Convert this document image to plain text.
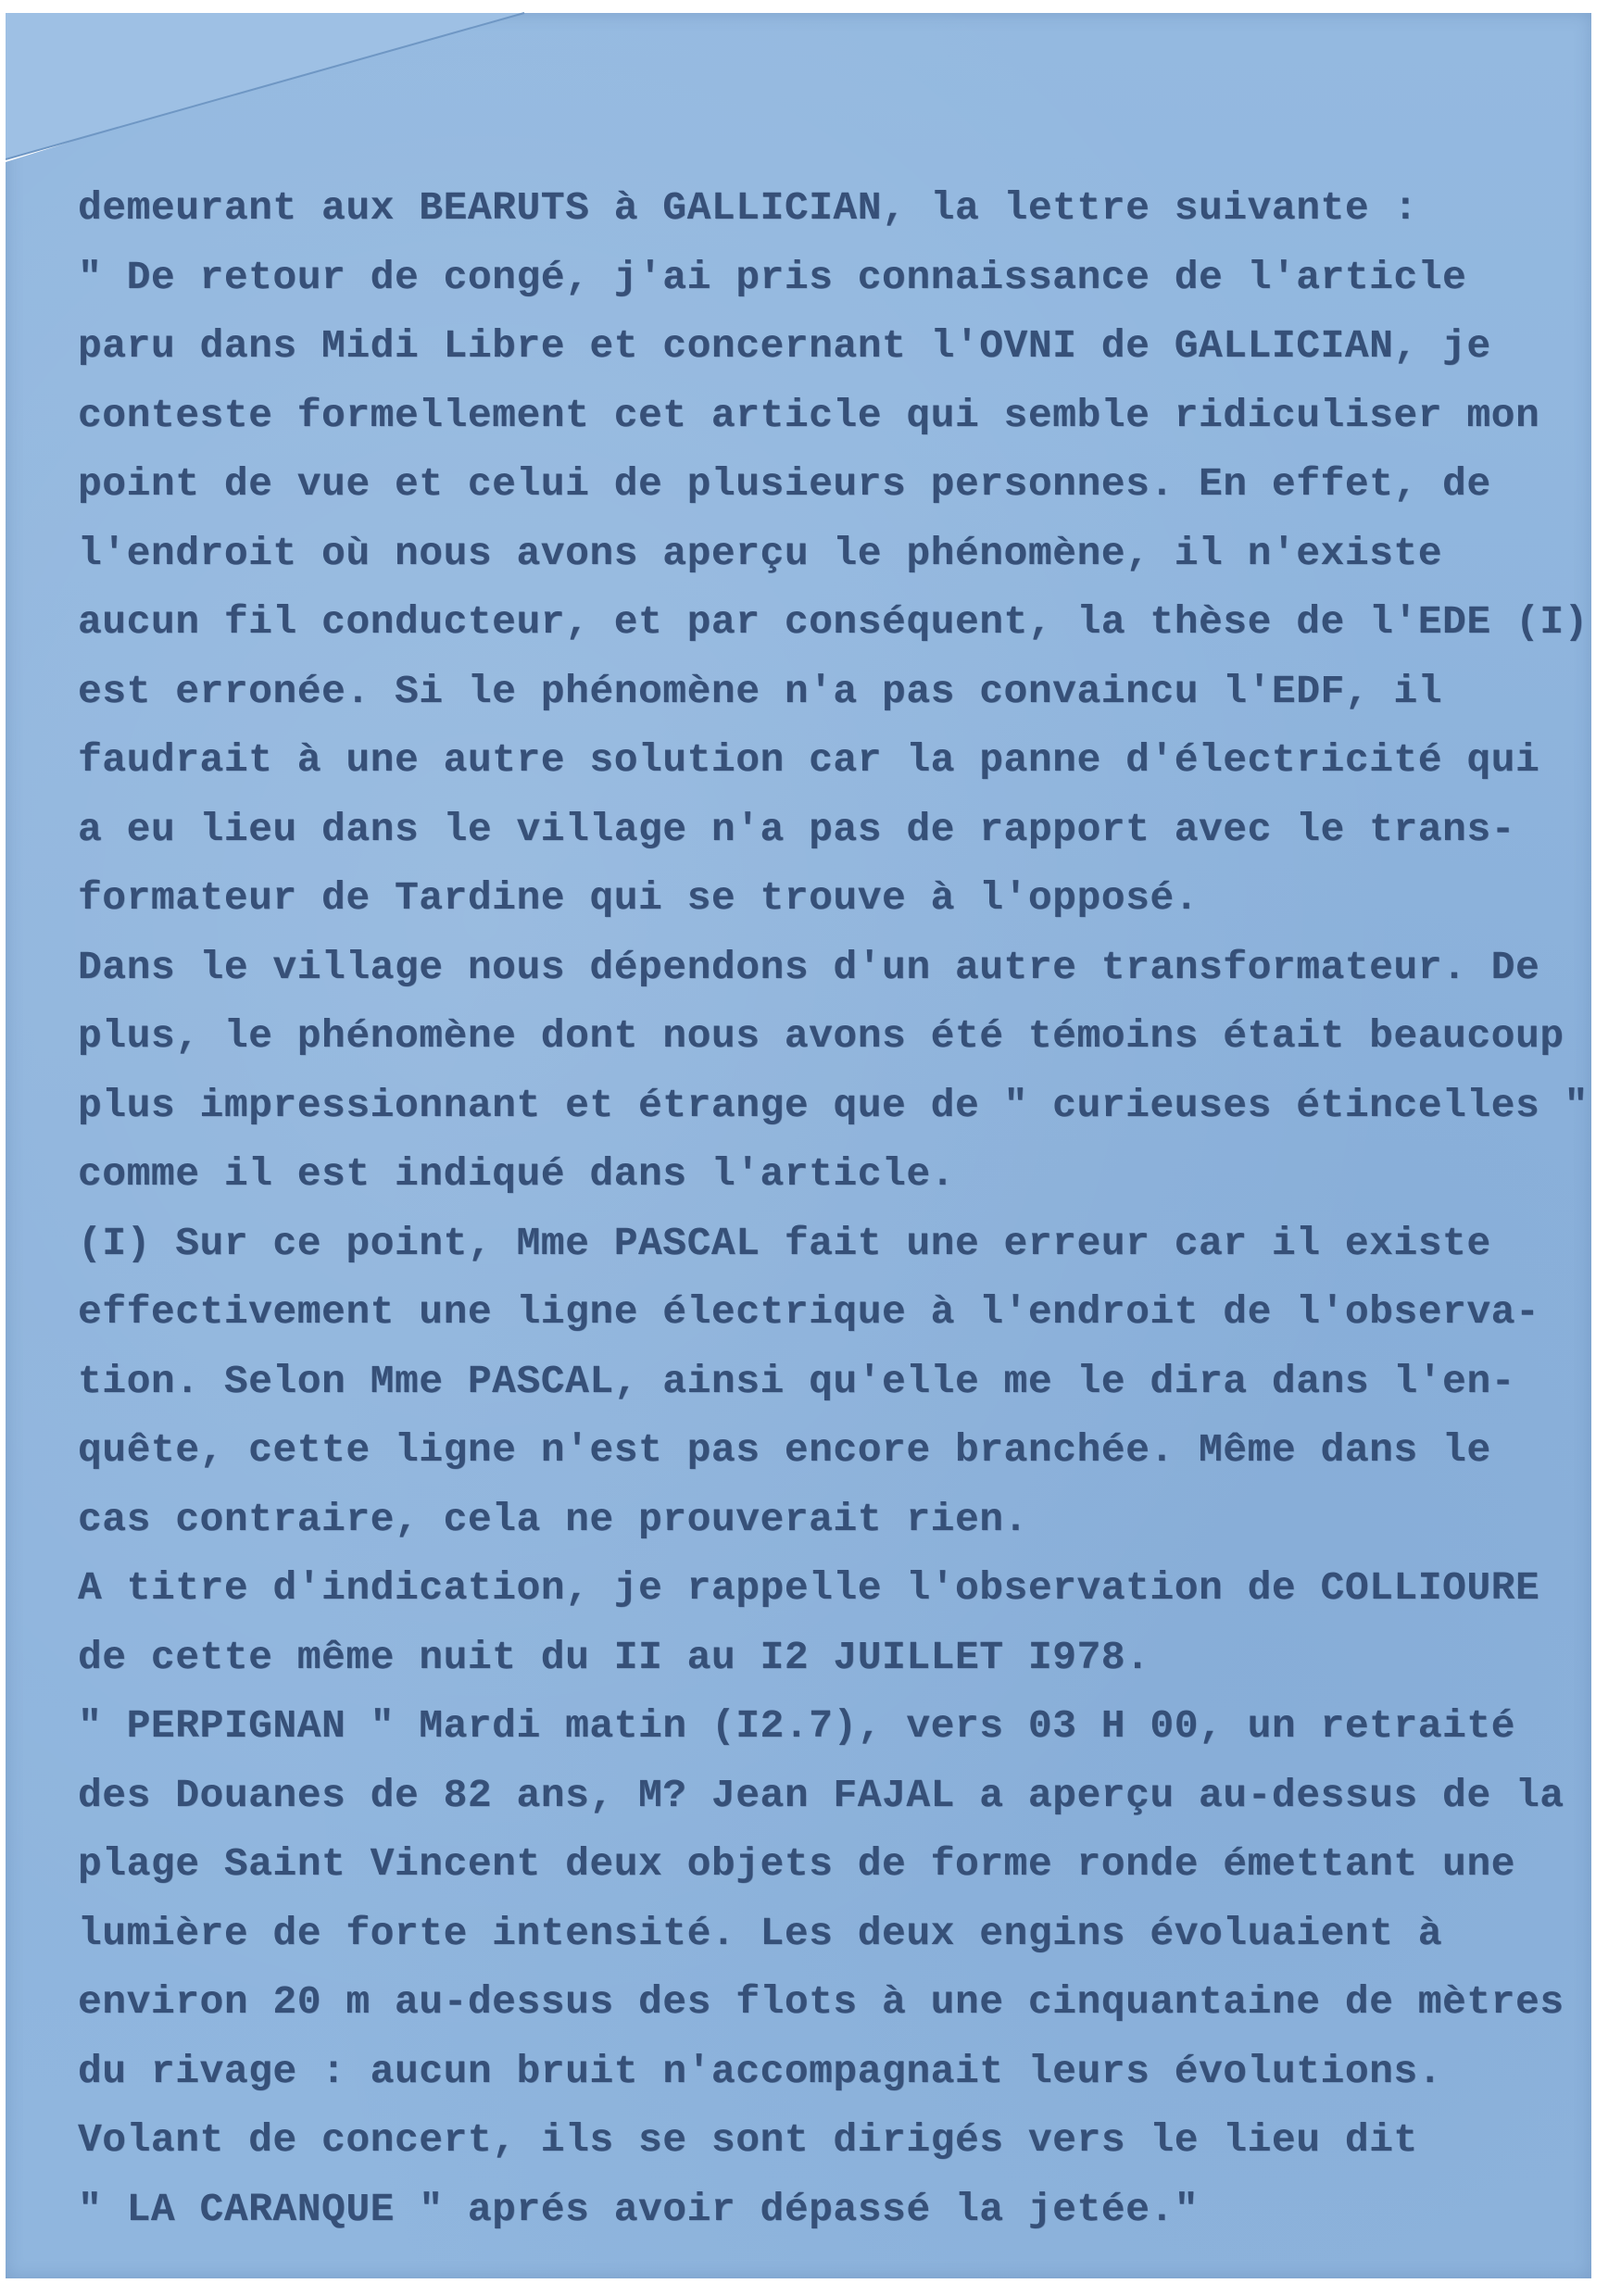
demeurant aux BEARUTS à GALLICIAN, la lettre suivante :
" De retour de congé, j'ai pris connaissance de l'article
paru dans Midi Libre et concernant l'OVNI de GALLICIAN, je
conteste formellement cet article qui semble ridiculiser mon
point de vue et celui de plusieurs personnes. En effet, de
l'endroit où nous avons aperçu le phénomène, il n'existe
aucun fil conducteur, et par conséquent, la thèse de l'EDE (I)
est erronée. Si le phénomène n'a pas convaincu l'EDF, il
faudrait à une autre solution car la panne d'électricité qui
a eu lieu dans le village n'a pas de rapport avec le trans-
formateur de Tardine qui se trouve à l'opposé.
Dans le village nous dépendons d'un autre transformateur. De
plus, le phénomène dont nous avons été témoins était beaucoup
plus impressionnant et étrange que de " curieuses étincelles "
comme il est indiqué dans l'article.
(I) Sur ce point, Mme PASCAL fait une erreur car il existe
effectivement une ligne électrique à l'endroit de l'observa-
tion. Selon Mme PASCAL, ainsi qu'elle me le dira dans l'en-
quête, cette ligne n'est pas encore branchée. Même dans le
cas contraire, cela ne prouverait rien.
A titre d'indication, je rappelle l'observation de COLLIOURE
de cette même nuit du II au I2 JUILLET I978.
" PERPIGNAN " Mardi matin (I2.7), vers 03 H 00, un retraité
des Douanes de 82 ans, M? Jean FAJAL a aperçu au-dessus de la
plage Saint Vincent deux objets de forme ronde émettant une
lumière de forte intensité. Les deux engins évoluaient à
environ 20 m au-dessus des flots à une cinquantaine de mètres
du rivage : aucun bruit n'accompagnait leurs évolutions.
Volant de concert, ils se sont dirigés vers le lieu dit
" LA CARANQUE " aprés avoir dépassé la jetée."
